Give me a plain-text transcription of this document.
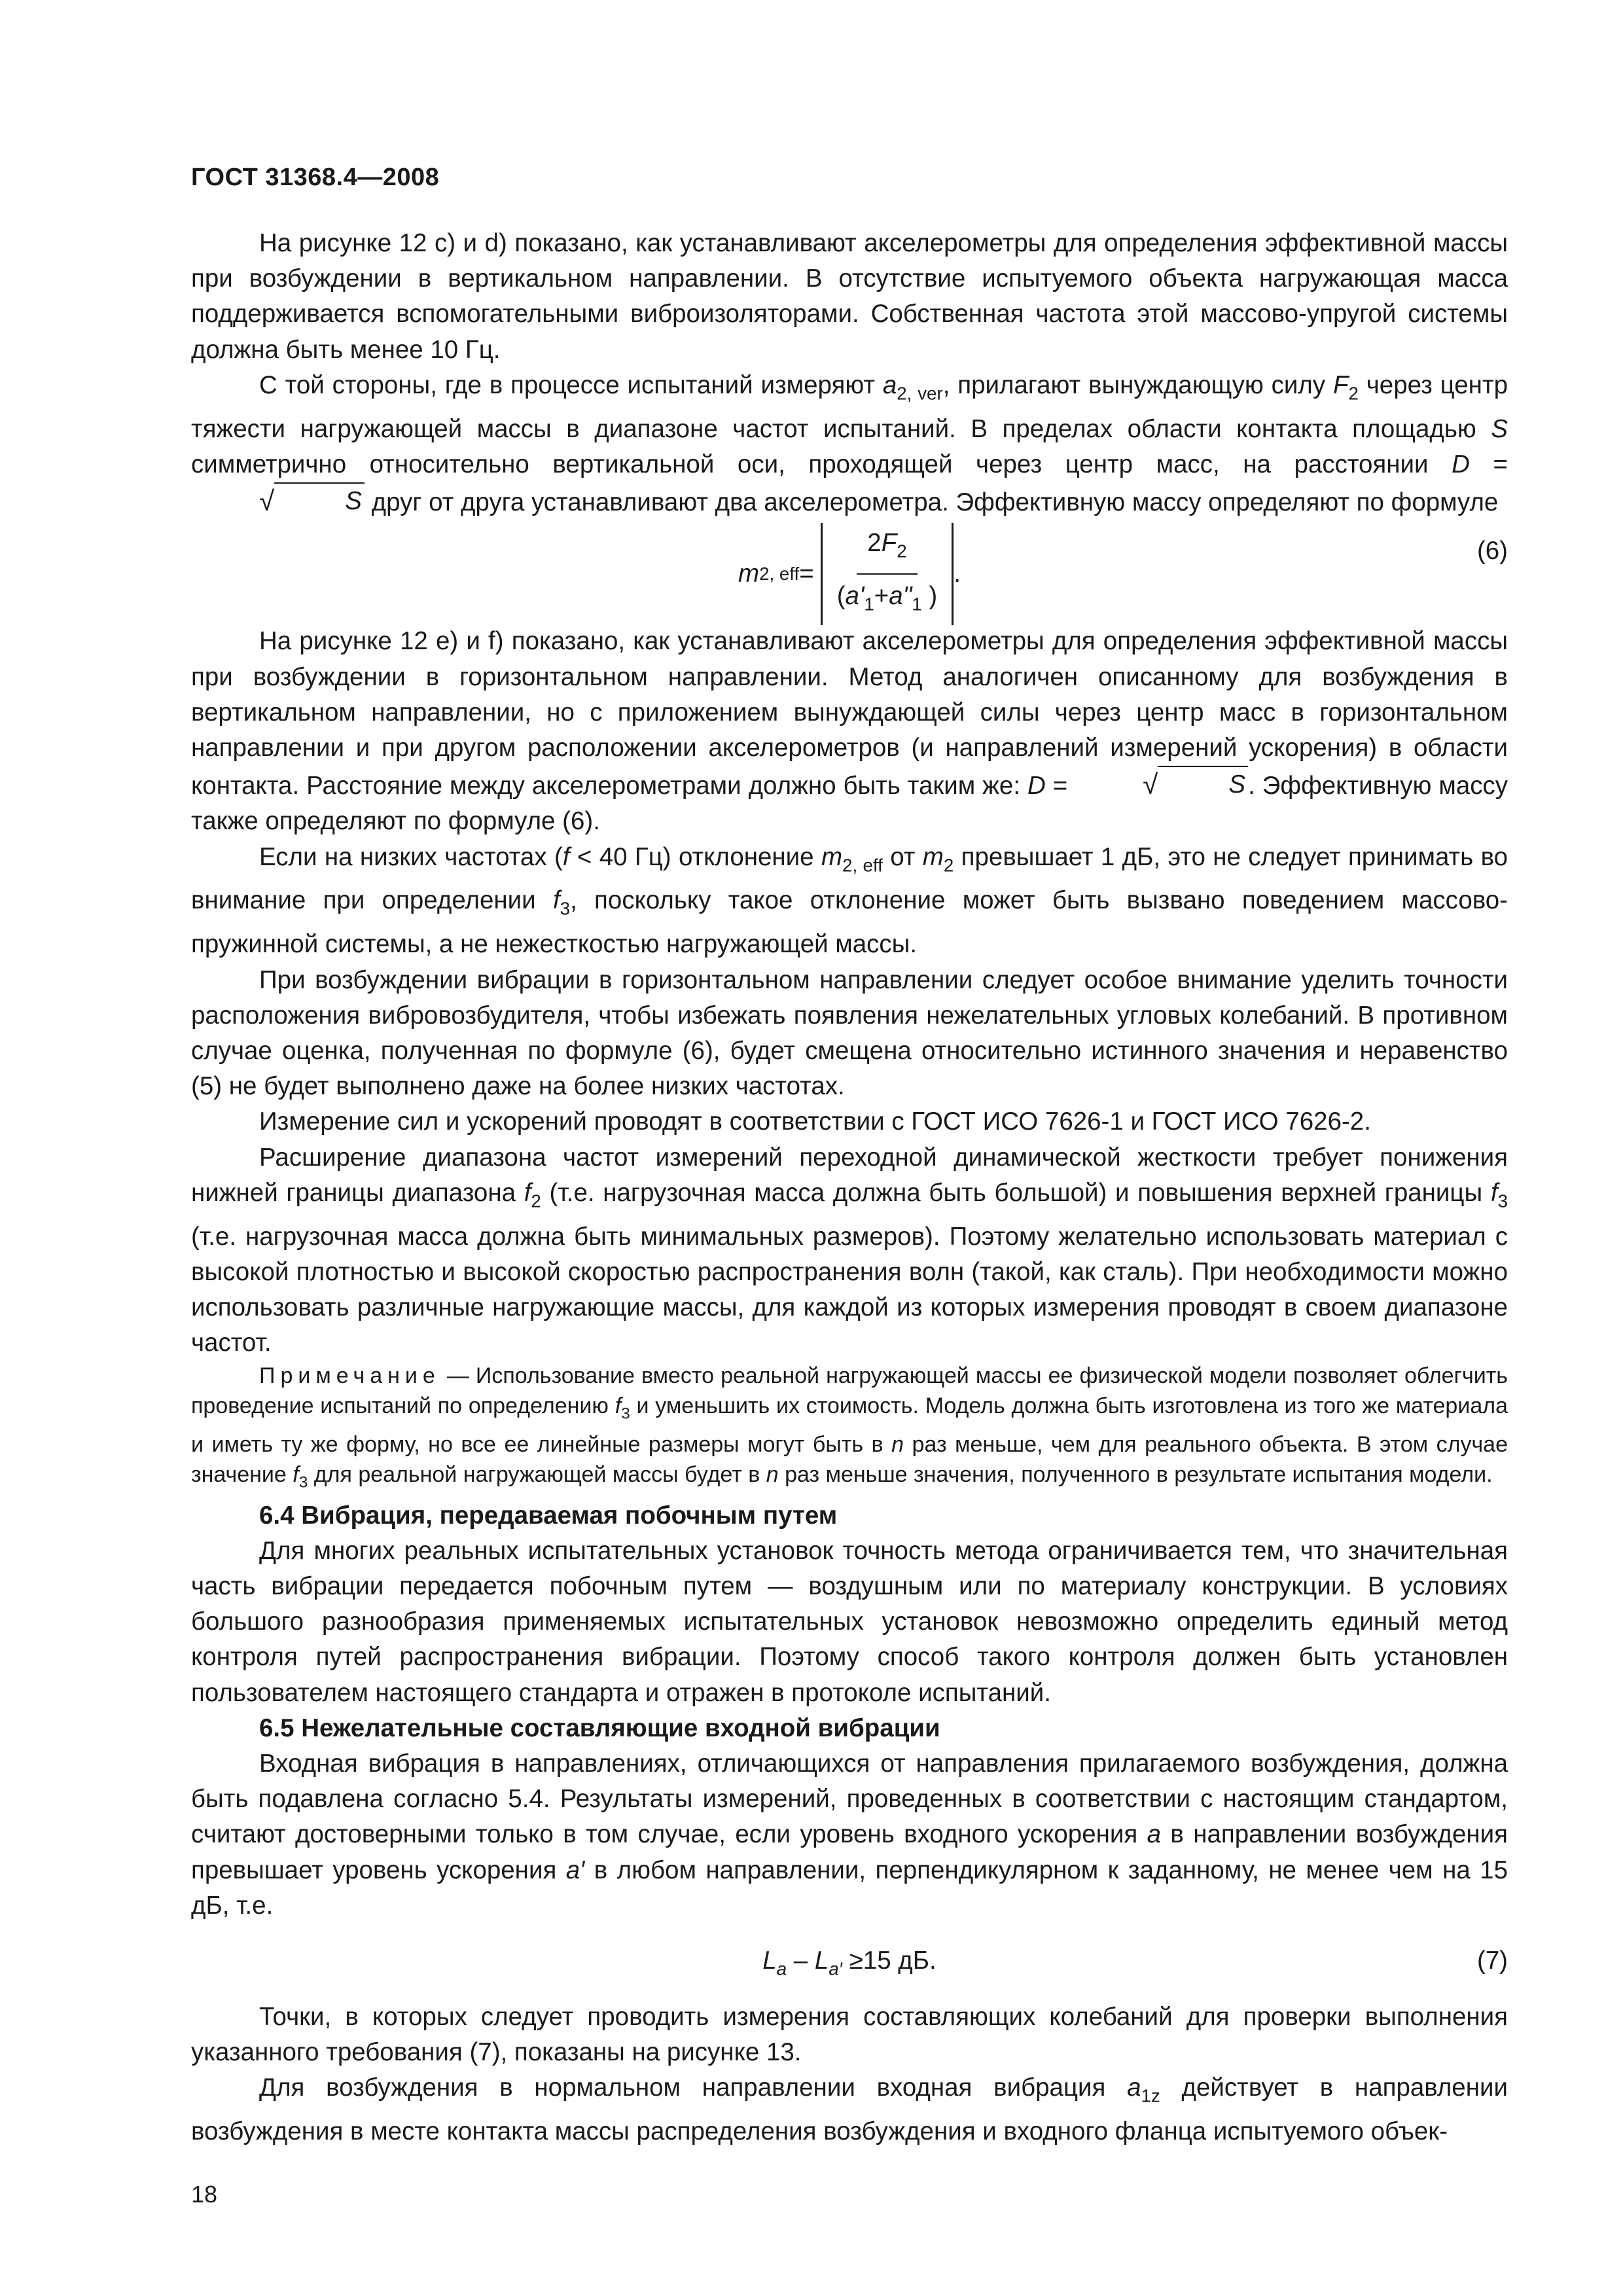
ГОСТ 31368.4—2008

На рисунке 12 с) и d) показано, как устанавливают акселерометры для определения эффективной массы при возбуждении в вертикальном направлении. В отсутствие испытуемого объекта нагружающая масса поддерживается вспомогательными виброизоляторами. Собственная частота этой массово-упругой системы должна быть менее 10 Гц.

С той стороны, где в процессе испытаний измеряют $a_{2, ver}$, прилагают вынуждающую силу $F_2$ через центр тяжести нагружающей массы в диапазоне частот испытаний. В пределах области контакта площадью S симметрично относительно вертикальной оси, проходящей через центр масс, на расстоянии D =
√	S друг от друга устанавливают два акселерометра. Эффективную массу определяют по формуле

m 2, eff = $\frac{2F_2}{(a'_1+a"_1 )}$ .
(6)

На рисунке 12 е) и f) показано, как устанавливают акселерометры для определения эффективной массы при возбуждении в горизонтальном направлении. Метод аналогичен описанному для возбуждения в вертикальном направлении, но с приложением вынуждающей силы через центр масс в горизонтальном направлении и при другом расположении акселерометров (и направлений измерений ускорения) в области контакта. Расстояние между акселерометрами должно быть таким же: D =	√	S . Эффективную массу также определяют по формуле (6).

Если на низких частотах (f < 40 Гц) отклонение $m_{2, eff}$ от $m_2$ превышает 1 дБ, это не следует принимать во внимание при определении $f_3$, поскольку такое отклонение может быть вызвано поведением массово-пружинной системы, а не нежесткостью нагружающей массы.

При возбуждении вибрации в горизонтальном направлении следует особое внимание уделить точности расположения вибровозбудителя, чтобы избежать появления нежелательных угловых колебаний. В противном случае оценка, полученная по формуле (6), будет смещена относительно истинного значения и неравенство (5) не будет выполнено даже на более низких частотах.

Измерение сил и ускорений проводят в соответствии с ГОСТ ИСО 7626-1 и ГОСТ ИСО 7626-2.

Расширение диапазона частот измерений переходной динамической жесткости требует понижения нижней границы диапазона $f_2$ (т.е. нагрузочная масса должна быть большой) и повышения верхней границы $f_3$ (т.е. нагрузочная масса должна быть минимальных размеров). Поэтому желательно использовать материал с высокой плотностью и высокой скоростью распространения волн (такой, как сталь). При необходимости можно использовать различные нагружающие массы, для каждой из которых измерения проводят в своем диапазоне частот.

Примечание — Использование вместо реальной нагружающей массы ее физической модели позволяет облегчить проведение испытаний по определению $f_3$ и уменьшить их стоимость. Модель должна быть изготовлена из того же материала и иметь ту же форму, но все ее линейные размеры могут быть в n раз меньше, чем для реального объекта. В этом случае значение $f_3$ для реальной нагружающей массы будет в n раз меньше значения, полученного в результате испытания модели.

6.4 Вибрация, передаваемая побочным путем

Для многих реальных испытательных установок точность метода ограничивается тем, что значительная часть вибрации передается побочным путем — воздушным или по материалу конструкции. В условиях большого разнообразия применяемых испытательных установок невозможно определить единый метод контроля путей распространения вибрации. Поэтому способ такого контроля должен быть установлен пользователем настоящего стандарта и отражен в протоколе испытаний.

6.5 Нежелательные составляющие входной вибрации

Входная вибрация в направлениях, отличающихся от направления прилагаемого возбуждения, должна быть подавлена согласно 5.4. Результаты измерений, проведенных в соответствии с настоящим стандартом, считают достоверными только в том случае, если уровень входного ускорения a в направлении возбуждения превышает уровень ускорения a′ в любом направлении, перпендикулярном к заданному, не менее чем на 15 дБ, т.е.

$L_a - L_{a'} \ge 15$ дБ.	(7)

Точки, в которых следует проводить измерения составляющих колебаний для проверки выполнения указанного требования (7), показаны на рисунке 13.

Для возбуждения в нормальном направлении входная вибрация $a_{1z}$ действует в направлении возбуждения в месте контакта массы распределения возбуждения и входного фланца испытуемого объек-

18
